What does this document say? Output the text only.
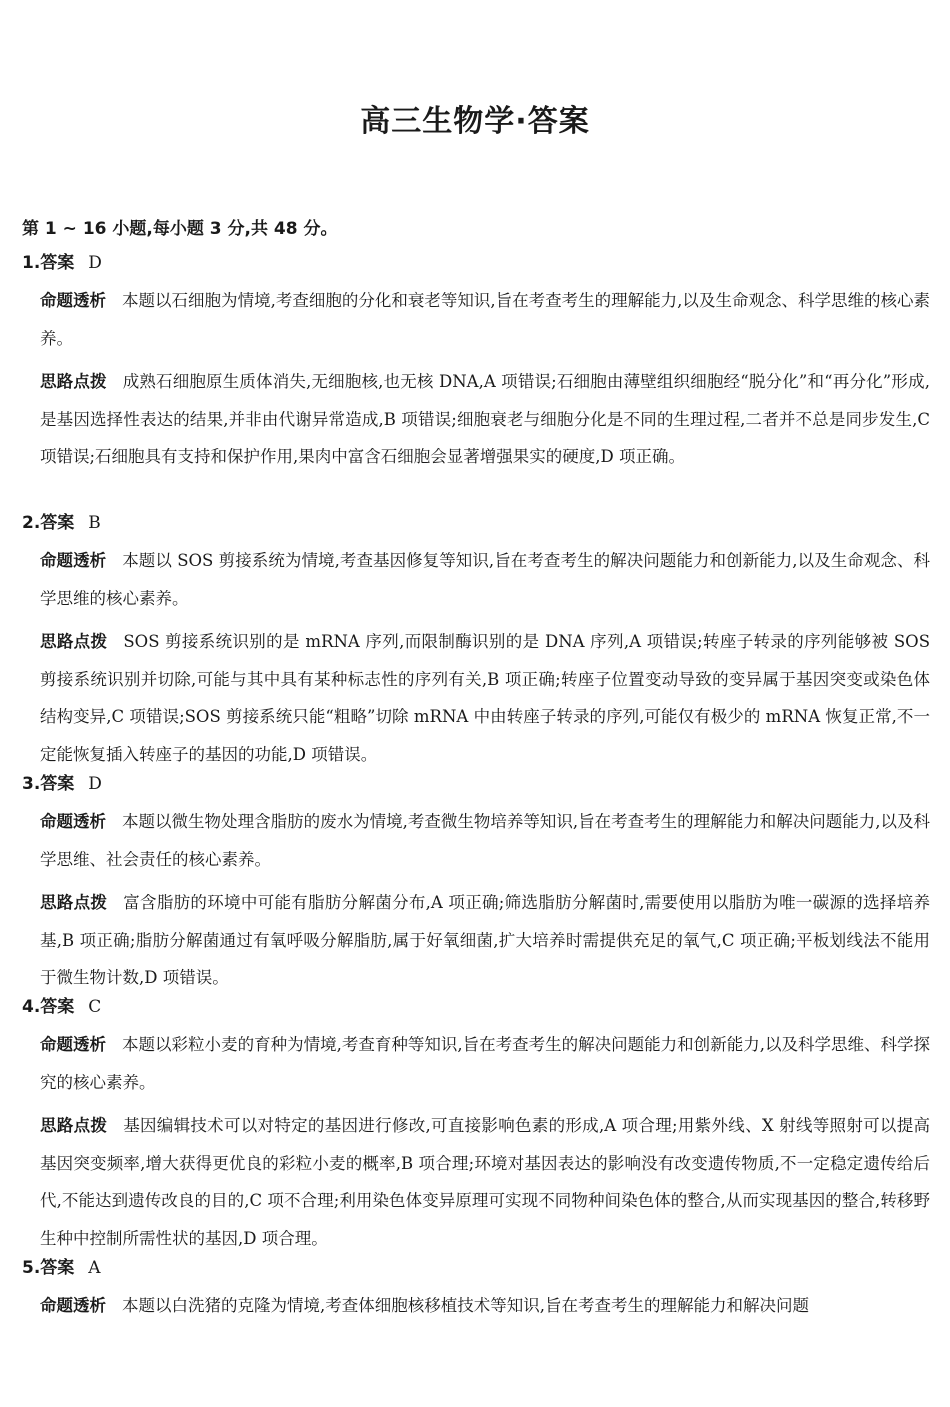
高三生物学·答案
第 1 ~ 16 小题,每小题 3 分,共 48 分。
1.答案 D
命题透析 本题以石细胞为情境,考查细胞的分化和衰老等知识,旨在考查考生的理解能力,以及生命观念、科学思维的核心素养。
思路点拨 成熟石细胞原生质体消失,无细胞核,也无核 DNA,A 项错误;石细胞由薄壁组织细胞经“脱分化”和“再分化”形成,是基因选择性表达的结果,并非由代谢异常造成,B 项错误;细胞衰老与细胞分化是不同的生理过程,二者并不总是同步发生,C 项错误;石细胞具有支持和保护作用,果肉中富含石细胞会显著增强果实的硬度,D 项正确。
2.答案 B
命题透析 本题以 SOS 剪接系统为情境,考查基因修复等知识,旨在考查考生的解决问题能力和创新能力,以及生命观念、科学思维的核心素养。
思路点拨 SOS 剪接系统识别的是 mRNA 序列,而限制酶识别的是 DNA 序列,A 项错误;转座子转录的序列能够被 SOS 剪接系统识别并切除,可能与其中具有某种标志性的序列有关,B 项正确;转座子位置变动导致的变异属于基因突变或染色体结构变异,C 项错误;SOS 剪接系统只能“粗略”切除 mRNA 中由转座子转录的序列,可能仅有极少的 mRNA 恢复正常,不一定能恢复插入转座子的基因的功能,D 项错误。
3.答案 D
命题透析 本题以微生物处理含脂肪的废水为情境,考查微生物培养等知识,旨在考查考生的理解能力和解决问题能力,以及科学思维、社会责任的核心素养。
思路点拨 富含脂肪的环境中可能有脂肪分解菌分布,A 项正确;筛选脂肪分解菌时,需要使用以脂肪为唯一碳源的选择培养基,B 项正确;脂肪分解菌通过有氧呼吸分解脂肪,属于好氧细菌,扩大培养时需提供充足的氧气,C 项正确;平板划线法不能用于微生物计数,D 项错误。
4.答案 C
命题透析 本题以彩粒小麦的育种为情境,考查育种等知识,旨在考查考生的解决问题能力和创新能力,以及科学思维、科学探究的核心素养。
思路点拨 基因编辑技术可以对特定的基因进行修改,可直接影响色素的形成,A 项合理;用紫外线、X 射线等照射可以提高基因突变频率,增大获得更优良的彩粒小麦的概率,B 项合理;环境对基因表达的影响没有改变遗传物质,不一定稳定遗传给后代,不能达到遗传改良的目的,C 项不合理;利用染色体变异原理可实现不同物种间染色体的整合,从而实现基因的整合,转移野生种中控制所需性状的基因,D 项合理。
5.答案 A
命题透析 本题以白洗猪的克隆为情境,考查体细胞核移植技术等知识,旨在考查考生的理解能力和解决问题
